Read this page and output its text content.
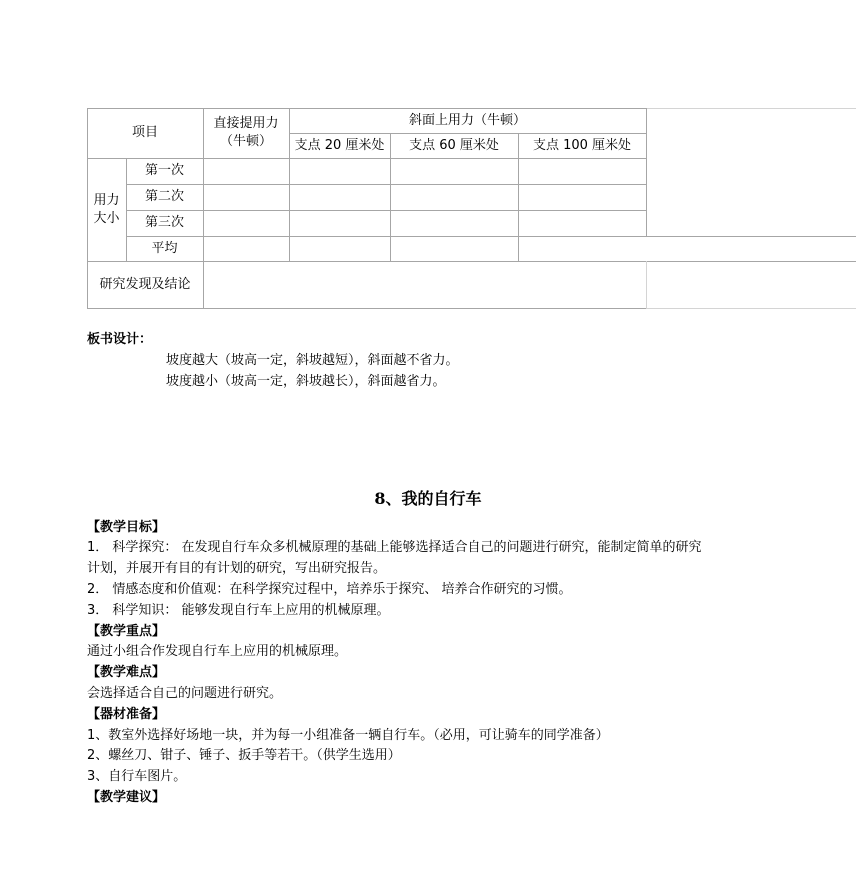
项目
直接提用力
（牛顿）
斜面上用力（牛顿）
支点 20 厘米处	支点 60 厘米处	支点 100 厘米处
用力
大小
第一次
第二次
第三次
平均
研究发现及结论
板书设计：
坡度越大（坡高一定，斜坡越短），斜面越不省力。
坡度越小（坡高一定，斜坡越长），斜面越省力。
8、我的自行车
【教学目标】
1． 科学探究： 在发现自行车众多机械原理的基础上能够选择适合自己的问题进行研究，能制定简单的研究
计划，并展开有目的有计划的研究，写出研究报告。
2． 情感态度和价值观：在科学探究过程中，培养乐于探究、 培养合作研究的习惯。
3． 科学知识： 能够发现自行车上应用的机械原理。
【教学重点】
通过小组合作发现自行车上应用的机械原理。
【教学难点】
会选择适合自己的问题进行研究。
【器材准备】
1、教室外选择好场地一块，并为每一小组准备一辆自行车。（必用，可让骑车的同学准备）
2、螺丝刀、钳子、锤子、扳手等若干。（供学生选用）
3、自行车图片。
【教学建议】
